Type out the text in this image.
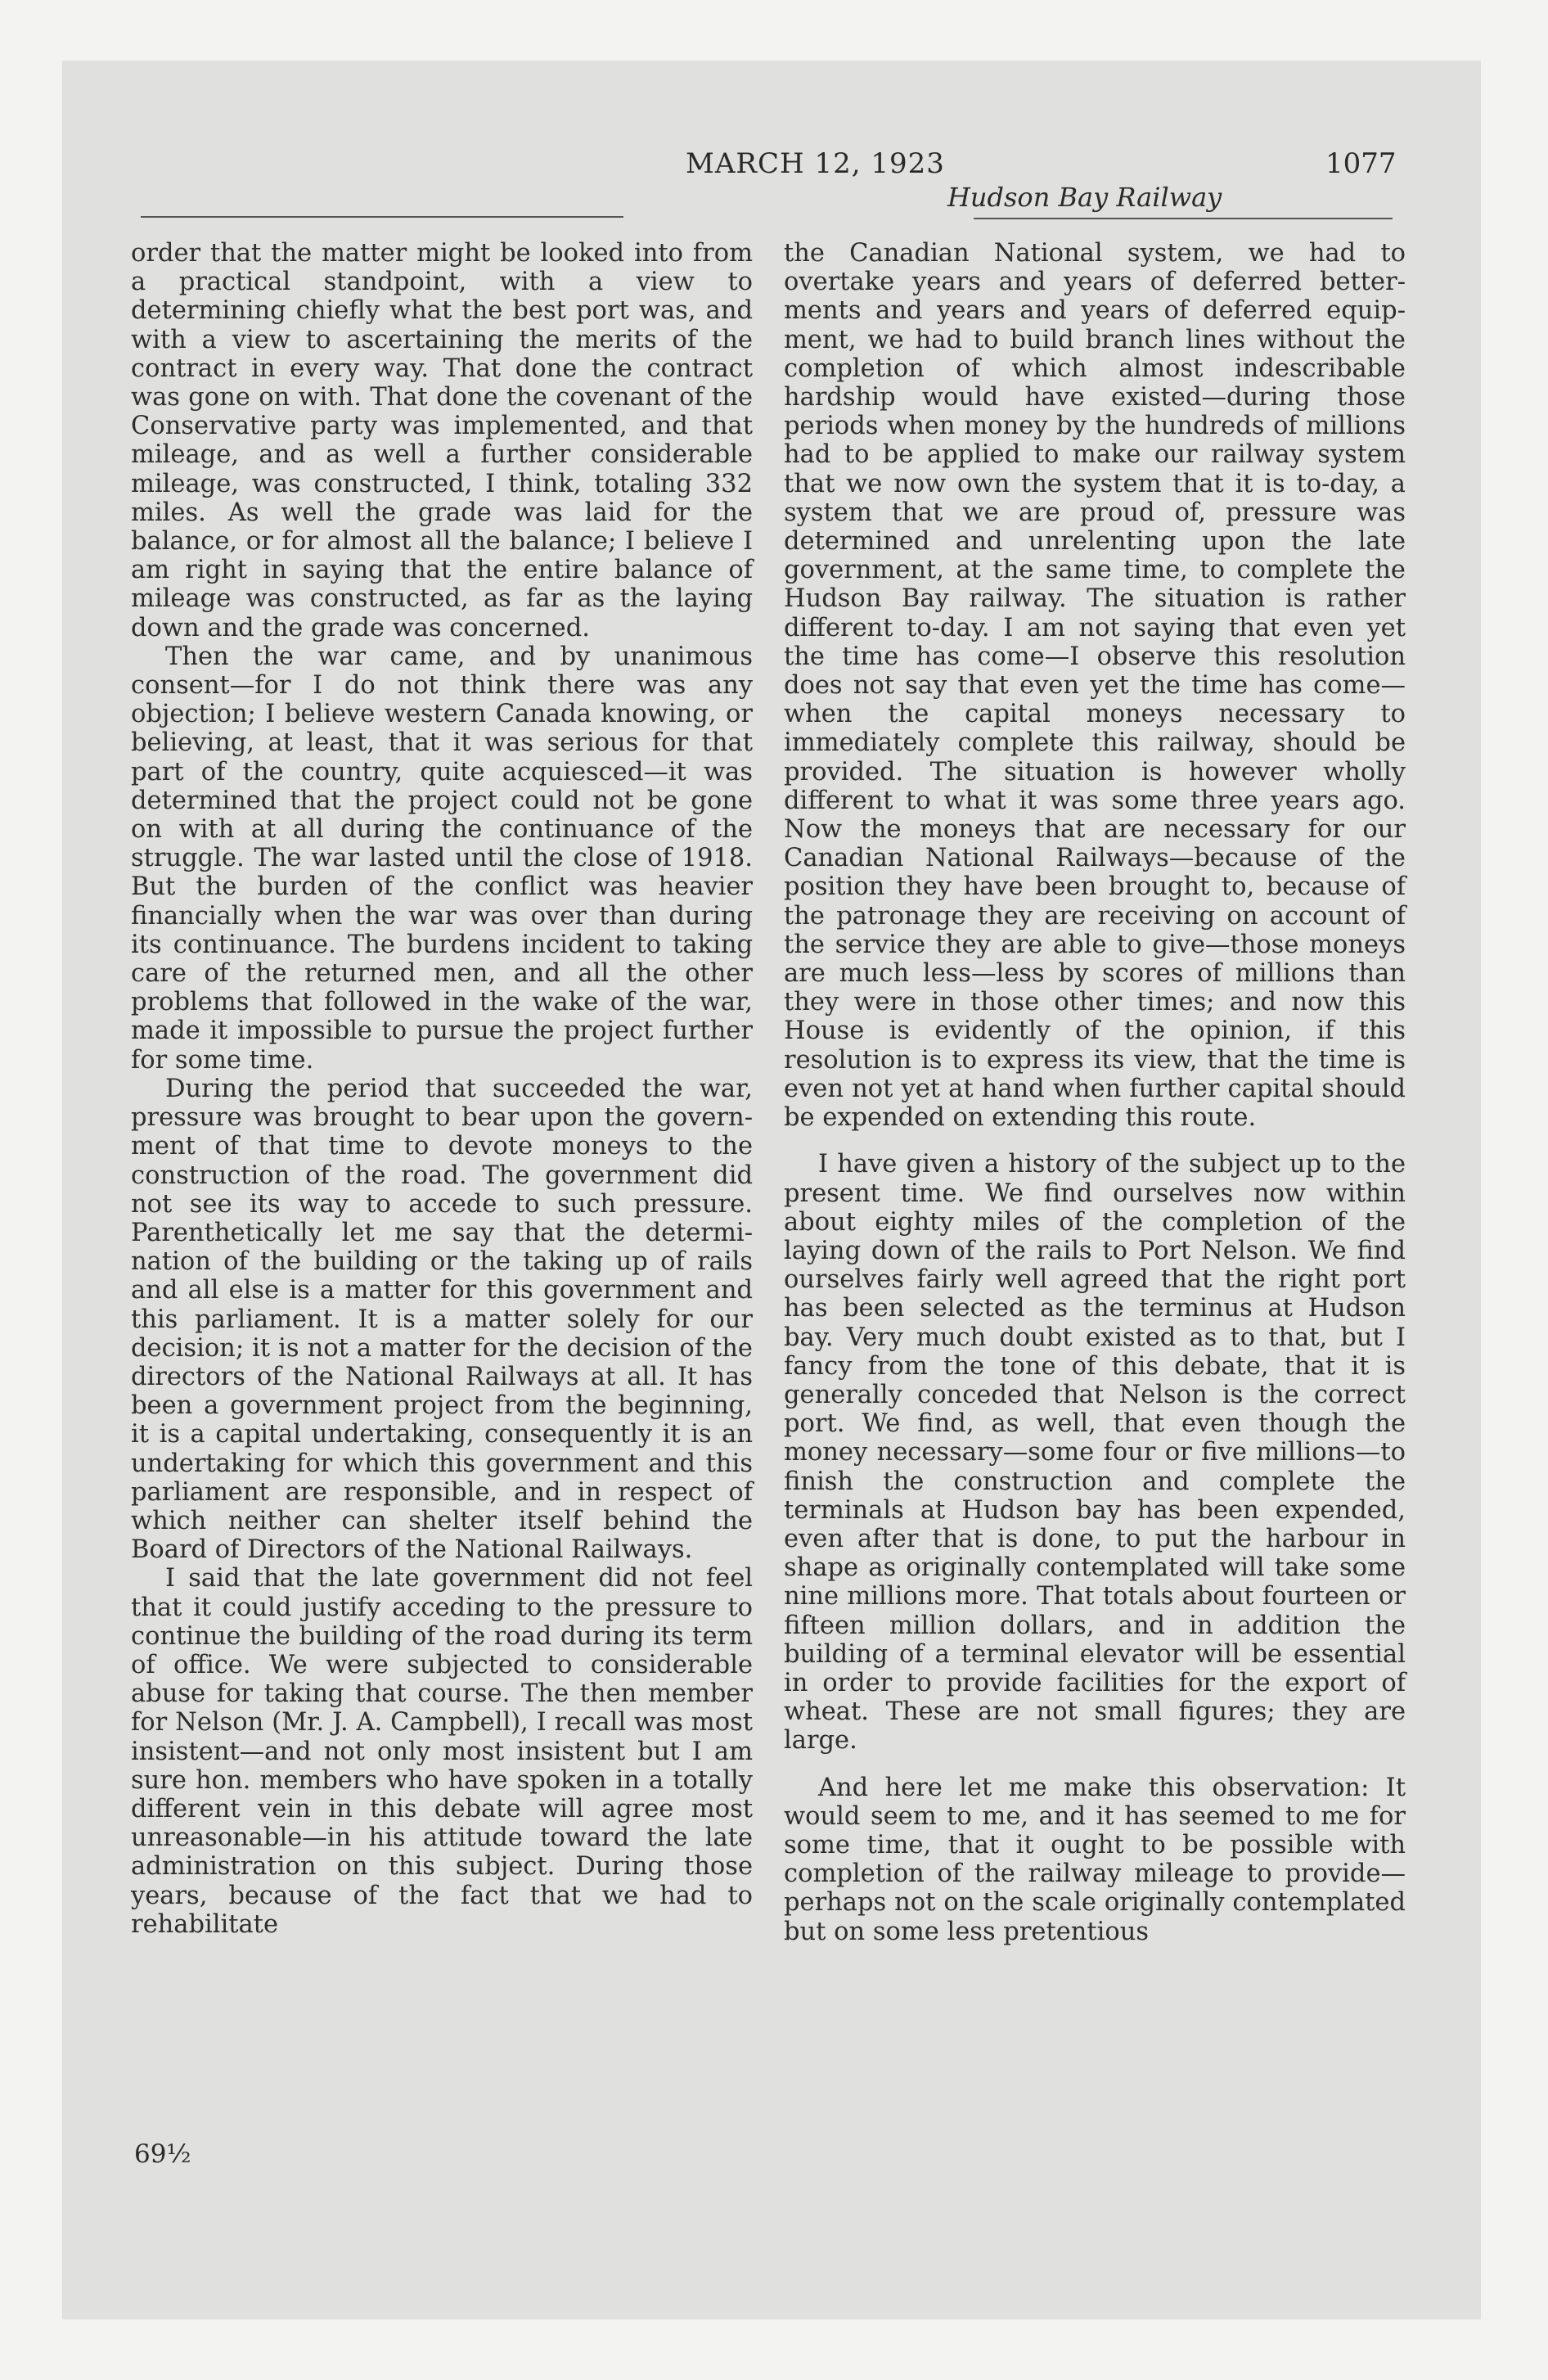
MARCH 12, 1923	1077
Hudson Bay Railway

order that the matter might be looked into from a practical standpoint, with a view to determining chiefly what the best port was, and with a view to ascertaining the merits of the contract in every way. That done the contract was gone on with. That done the covenant of the Conservative party was implemented, and that mileage, and as well a further considerable mileage, was constructed, I think, totaling 332 miles. As well the grade was laid for the balance, or for almost all the balance; I believe I am right in saying that the entire balance of mileage was constructed, as far as the laying down and the grade was concerned.

Then the war came, and by unanimous consent—for I do not think there was any objection; I believe western Canada knowing, or believing, at least, that it was serious for that part of the country, quite acquiesced—it was determined that the project could not be gone on with at all during the continuance of the struggle. The war lasted until the close of 1918. But the burden of the conflict was heavier financially when the war was over than during its continuance. The burdens incident to taking care of the returned men, and all the other problems that followed in the wake of the war, made it impossible to pursue the project further for some time.

During the period that succeeded the war, pressure was brought to bear upon the government of that time to devote moneys to the construction of the road. The government did not see its way to accede to such pressure. Parenthetically let me say that the determination of the building or the taking up of rails and all else is a matter for this government and this parliament. It is a matter solely for our decision; it is not a matter for the decision of the directors of the National Railways at all. It has been a government project from the beginning, it is a capital undertaking, consequently it is an undertaking for which this government and this parliament are responsible, and in respect of which neither can shelter itself behind the Board of Directors of the National Railways.

I said that the late government did not feel that it could justify acceding to the pressure to continue the building of the road during its term of office. We were subjected to considerable abuse for taking that course. The then member for Nelson (Mr. J. A. Campbell), I recall was most insistent—and not only most insistent but I am sure hon. members who have spoken in a totally different vein in this debate will agree most unreasonable—in his attitude toward the late administration on this subject. During those years, because of the fact that we had to rehabilitate

the Canadian National system, we had to overtake years and years of deferred betterments and years and years of deferred equipment, we had to build branch lines without the completion of which almost indescribable hardship would have existed—during those periods when money by the hundreds of millions had to be applied to make our railway system that we now own the system that it is to-day, a system that we are proud of, pressure was determined and unrelenting upon the late government, at the same time, to complete the Hudson Bay railway. The situation is rather different to-day. I am not saying that even yet the time has come—I observe this resolution does not say that even yet the time has come—when the capital moneys necessary to immediately complete this railway, should be provided. The situation is however wholly different to what it was some three years ago. Now the moneys that are necessary for our Canadian National Railways—because of the position they have been brought to, because of the patronage they are receiving on account of the service they are able to give—those moneys are much less—less by scores of millions than they were in those other times; and now this House is evidently of the opinion, if this resolution is to express its view, that the time is even not yet at hand when further capital should be expended on extending this route.

I have given a history of the subject up to the present time. We find ourselves now within about eighty miles of the completion of the laying down of the rails to Port Nelson. We find ourselves fairly well agreed that the right port has been selected as the terminus at Hudson bay. Very much doubt existed as to that, but I fancy from the tone of this debate, that it is generally conceded that Nelson is the correct port. We find, as well, that even though the money necessary—some four or five millions—to finish the construction and complete the terminals at Hudson bay has been expended, even after that is done, to put the harbour in shape as originally contemplated will take some nine millions more. That totals about fourteen or fifteen million dollars, and in addition the building of a terminal elevator will be essential in order to provide facilities for the export of wheat. These are not small figures; they are large.

And here let me make this observation: It would seem to me, and it has seemed to me for some time, that it ought to be possible with completion of the railway mileage to provide—perhaps not on the scale originally contemplated but on some less pretentious

69½
